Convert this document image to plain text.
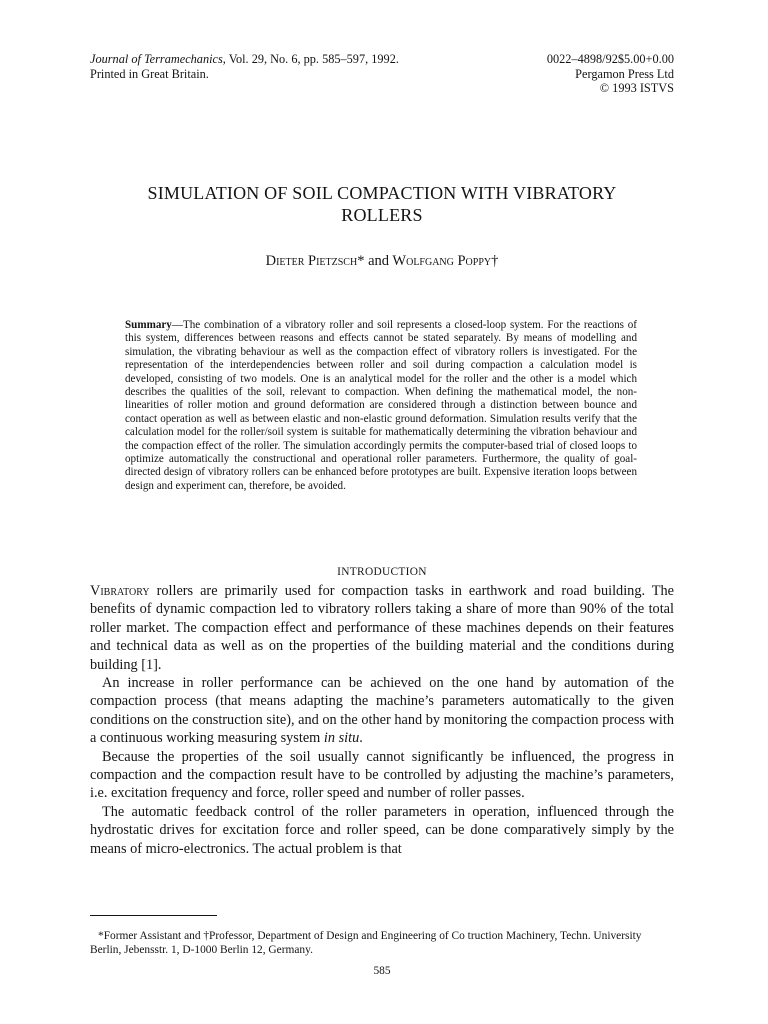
Journal of Terramechanics, Vol. 29, No. 6, pp. 585–597, 1992.
Printed in Great Britain.
0022–4898/92$5.00+0.00
Pergamon Press Ltd
© 1993 ISTVS
SIMULATION OF SOIL COMPACTION WITH VIBRATORY
ROLLERS
Dieter Pietzsch* and Wolfgang Poppy†
Summary—The combination of a vibratory roller and soil represents a closed-loop system. For the reactions of this system, differences between reasons and effects cannot be stated separately. By means of modelling and simulation, the vibrating behaviour as well as the compaction effect of vibratory rollers is investigated. For the representation of the interdependencies between roller and soil during compaction a calculation model is developed, consisting of two models. One is an analytical model for the roller and the other is a model which describes the qualities of the soil, relevant to compaction. When defining the mathematical model, the non-linearities of roller motion and ground deformation are considered through a distinction between bounce and contact operation as well as between elastic and non-elastic ground deformation. Simulation results verify that the calculation model for the roller/soil system is suitable for mathematically determining the vibration behaviour and the compaction effect of the roller. The simulation accordingly permits the computer-based trial of closed loops to optimize automatically the constructional and operational roller parameters. Furthermore, the quality of goal-directed design of vibratory rollers can be enhanced before prototypes are built. Expensive iteration loops between design and experiment can, therefore, be avoided.
INTRODUCTION

Vibratory rollers are primarily used for compaction tasks in earthwork and road building. The benefits of dynamic compaction led to vibratory rollers taking a share of more than 90% of the total roller market. The compaction effect and performance of these machines depends on their features and technical data as well as on the properties of the building material and the conditions during building [1].

An increase in roller performance can be achieved on the one hand by automation of the compaction process (that means adapting the machine’s parameters automatically to the given conditions on the construction site), and on the other hand by monitoring the compaction process with a continuous working measuring system in situ.

Because the properties of the soil usually cannot significantly be influenced, the progress in compaction and the compaction result have to be controlled by adjusting the machine’s parameters, i.e. excitation frequency and force, roller speed and number of roller passes.

The automatic feedback control of the roller parameters in operation, influenced through the hydrostatic drives for excitation force and roller speed, can be done comparatively simply by the means of micro-electronics. The actual problem is that

*Former Assistant and †Professor, Department of Design and Engineering of Co truction Machinery, Techn. University Berlin, Jebensstr. 1, D-1000 Berlin 12, Germany.
585
